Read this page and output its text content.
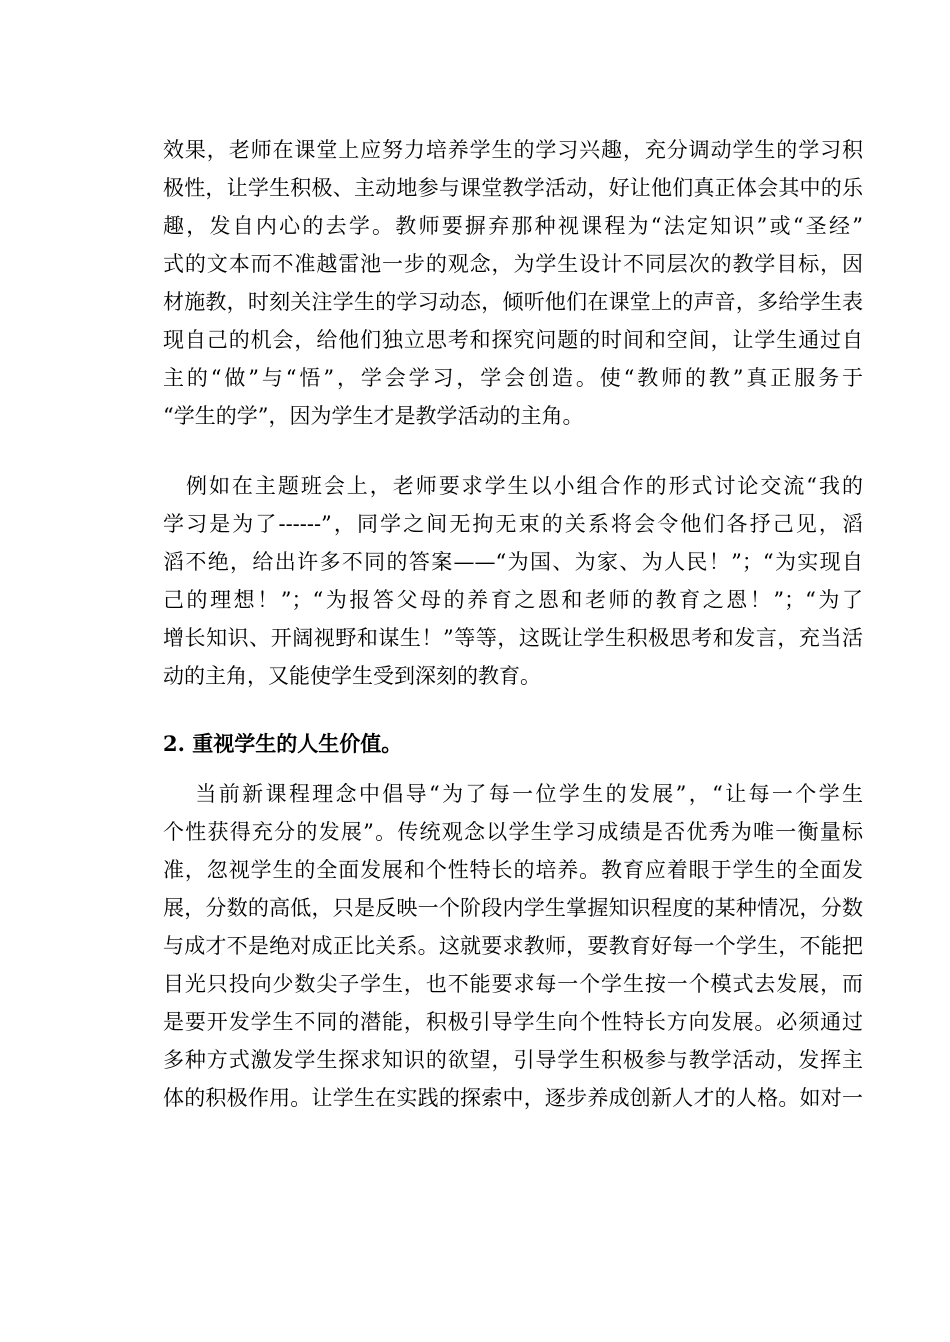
效果，老师在课堂上应努力培养学生的学习兴趣，充分调动学生的学习积
极性，让学生积极、主动地参与课堂教学活动，好让他们真正体会其中的乐
趣，发自内心的去学。教师要摒弃那种视课程为“法定知识”或“圣经”
式的文本而不准越雷池一步的观念，为学生设计不同层次的教学目标，因
材施教，时刻关注学生的学习动态，倾听他们在课堂上的声音，多给学生表
现自己的机会，给他们独立思考和探究问题的时间和空间，让学生通过自
主的“做”与“悟”，学会学习，学会创造。使“教师的教”真正服务于
“学生的学”，因为学生才是教学活动的主角。
　例如在主题班会上，老师要求学生以小组合作的形式讨论交流“我的
学习是为了------”，同学之间无拘无束的关系将会令他们各抒己见，滔
滔不绝，给出许多不同的答案——“为国、为家、为人民！”；“为实现自
己的理想！”；“为报答父母的养育之恩和老师的教育之恩！”；“为了
增长知识、开阔视野和谋生！”等等，这既让学生积极思考和发言，充当活
动的主角，又能使学生受到深刻的教育。
2. 重视学生的人生价值。
　 当前新课程理念中倡导“为了每一位学生的发展”，“让每一个学生
个性获得充分的发展”。传统观念以学生学习成绩是否优秀为唯一衡量标
准，忽视学生的全面发展和个性特长的培养。教育应着眼于学生的全面发
展，分数的高低，只是反映一个阶段内学生掌握知识程度的某种情况，分数
与成才不是绝对成正比关系。这就要求教师，要教育好每一个学生，不能把
目光只投向少数尖子学生，也不能要求每一个学生按一个模式去发展，而
是要开发学生不同的潜能，积极引导学生向个性特长方向发展。必须通过
多种方式激发学生探求知识的欲望，引导学生积极参与教学活动，发挥主
体的积极作用。让学生在实践的探索中，逐步养成创新人才的人格。如对一
